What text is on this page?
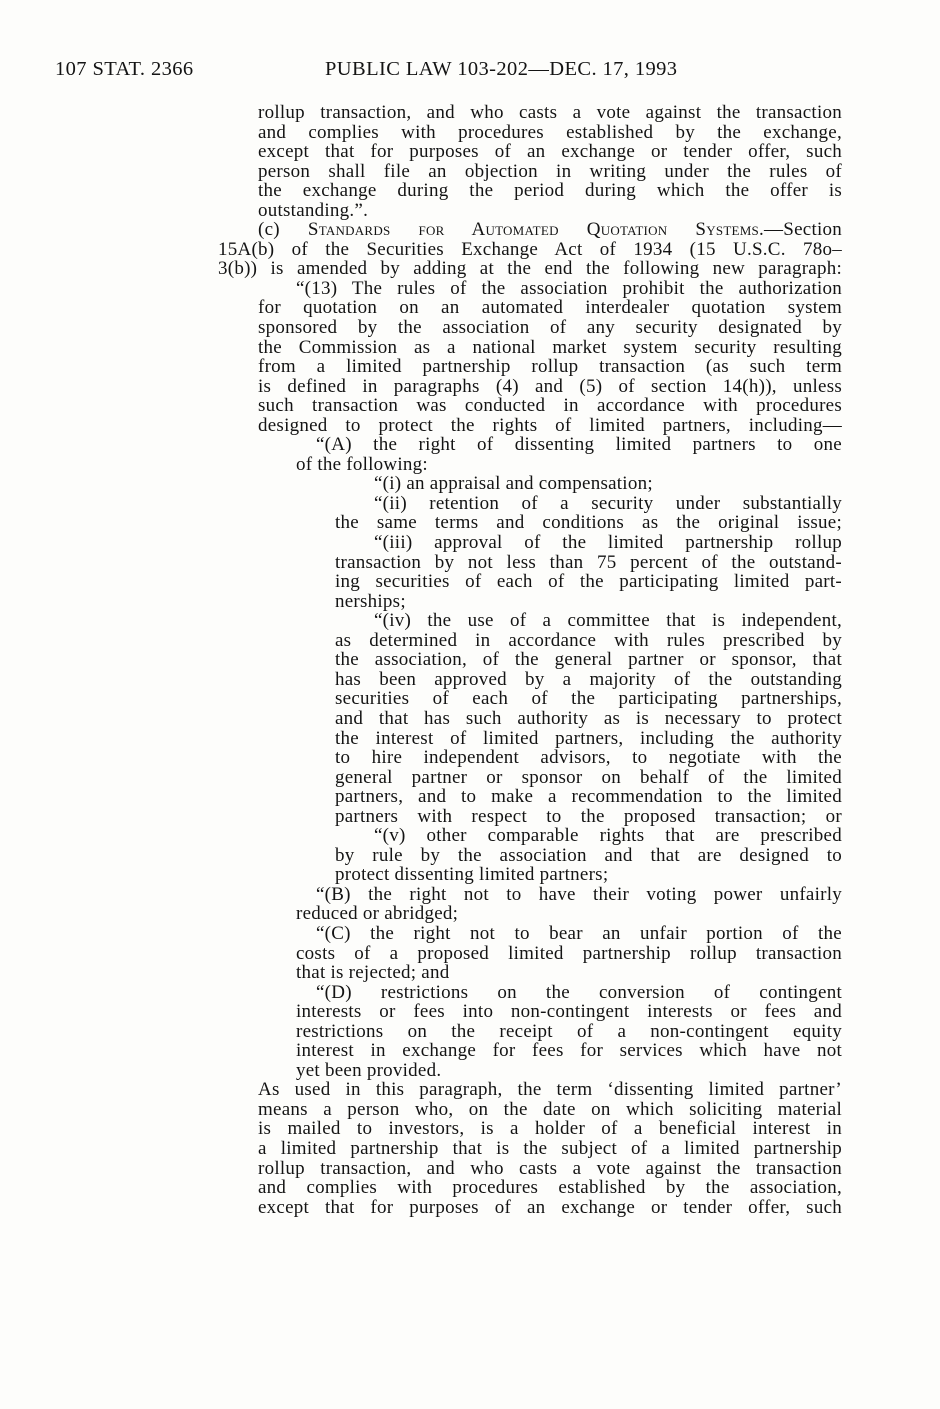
107 STAT. 2366	PUBLIC LAW 103-202—DEC. 17, 1993
rollup transaction, and who casts a vote against the transaction
and complies with procedures established by the exchange,
except that for purposes of an exchange or tender offer, such
person shall file an objection in writing under the rules of
the exchange during the period during which the offer is
outstanding.”.
(c) Standards for Automated Quotation Systems.—Section
15A(b) of the Securities Exchange Act of 1934 (15 U.S.C. 78o–
3(b)) is amended by adding at the end the following new paragraph:
“(13) The rules of the association prohibit the authorization
for quotation on an automated interdealer quotation system
sponsored by the association of any security designated by
the Commission as a national market system security resulting
from a limited partnership rollup transaction (as such term
is defined in paragraphs (4) and (5) of section 14(h)), unless
such transaction was conducted in accordance with procedures
designed to protect the rights of limited partners, including—
“(A) the right of dissenting limited partners to one
of the following:
“(i) an appraisal and compensation;
“(ii) retention of a security under substantially
the same terms and conditions as the original issue;
“(iii) approval of the limited partnership rollup
transaction by not less than 75 percent of the outstand-
ing securities of each of the participating limited part-
nerships;
“(iv) the use of a committee that is independent,
as determined in accordance with rules prescribed by
the association, of the general partner or sponsor, that
has been approved by a majority of the outstanding
securities of each of the participating partnerships,
and that has such authority as is necessary to protect
the interest of limited partners, including the authority
to hire independent advisors, to negotiate with the
general partner or sponsor on behalf of the limited
partners, and to make a recommendation to the limited
partners with respect to the proposed transaction; or
“(v) other comparable rights that are prescribed
by rule by the association and that are designed to
protect dissenting limited partners;
“(B) the right not to have their voting power unfairly
reduced or abridged;
“(C) the right not to bear an unfair portion of the
costs of a proposed limited partnership rollup transaction
that is rejected; and
“(D) restrictions on the conversion of contingent
interests or fees into non-contingent interests or fees and
restrictions on the receipt of a non-contingent equity
interest in exchange for fees for services which have not
yet been provided.
As used in this paragraph, the term ‘dissenting limited partner’
means a person who, on the date on which soliciting material
is mailed to investors, is a holder of a beneficial interest in
a limited partnership that is the subject of a limited partnership
rollup transaction, and who casts a vote against the transaction
and complies with procedures established by the association,
except that for purposes of an exchange or tender offer, such
